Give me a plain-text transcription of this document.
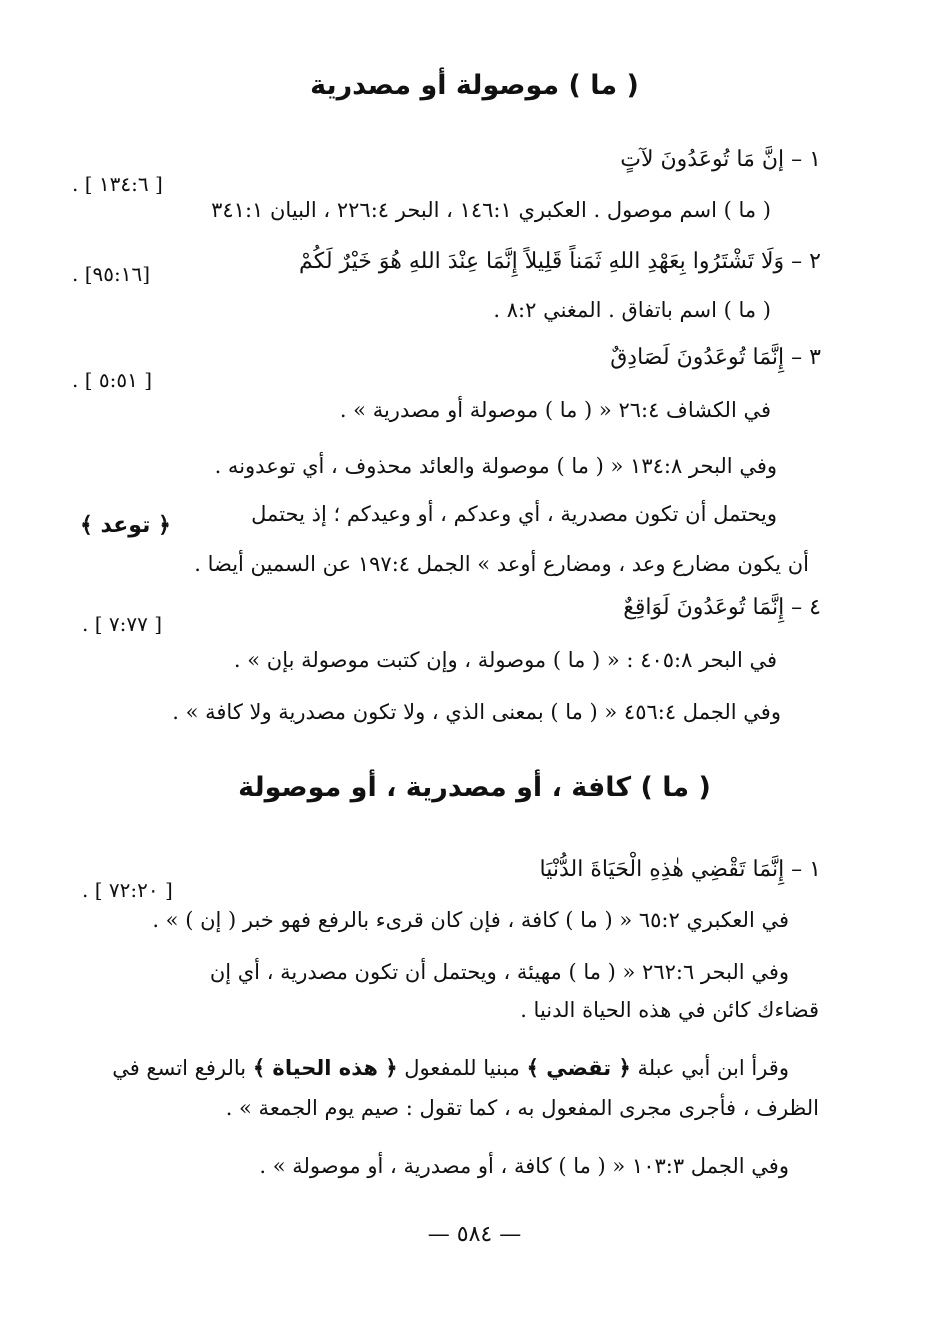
( ما ) موصولة أو مصدرية
١ – إنَّ مَا تُوعَدُونَ لآتٍ
. [ ١٣٤:٦ ]
( ما ) اسم موصول . العكبري ١٤٦:١ ، البحر ٢٢٦:٤ ، البيان ٣٤١:١
٢ – وَلَا تَشْتَرُوا بِعَهْدِ اللهِ ثَمَناً قَلِيلاً إِنَّمَا عِنْدَ اللهِ هُوَ خَيْرٌ لَكُمْ
. [٩٥:١٦]
( ما ) اسم باتفاق . المغني ٨:٢ .
٣ – إِنَّمَا تُوعَدُونَ لَصَادِقٌ
. [ ٥:٥١ ]
في الكشاف ٢٦:٤ « ( ما ) موصولة أو مصدرية » .
وفي البحر ١٣٤:٨ « ( ما ) موصولة والعائد محذوف ، أي توعدونه .
ويحتمل أن تكون مصدرية ، أي وعدكم ، أو وعيدكم ؛ إذ يحتمل
﴿ توعد ﴾
أن يكون مضارع وعد ، ومضارع أوعد » الجمل ١٩٧:٤ عن السمين أيضا .
٤ – إِنَّمَا تُوعَدُونَ لَوَاقِعٌ
. [ ٧:٧٧ ]
في البحر ٤٠٥:٨ : « ( ما ) موصولة ، وإن كتبت موصولة بإن » .
وفي الجمل ٤٥٦:٤ « ( ما ) بمعنى الذي ، ولا تكون مصدرية ولا كافة » .
( ما ) كافة ، أو مصدرية ، أو موصولة
١ – إِنَّمَا تَقْضِي هٰذِهِ الْحَيَاةَ الدُّنْيَا
. [ ٧٢:٢٠ ]
في العكبري ٦٥:٢ « ( ما ) كافة ، فإن كان قرىء بالرفع فهو خبر ( إن ) » .
وفي البحر ٢٦٢:٦ « ( ما ) مهيئة ، ويحتمل أن تكون مصدرية ، أي إن
قضاءك كائن في هذه الحياة الدنيا .
وقرأ ابن أبي عبلة ﴿ تقضي ﴾ مبنيا للمفعول ﴿ هذه الحياة ﴾ بالرفع اتسع في
الظرف ، فأجرى مجرى المفعول به ، كما تقول : صيم يوم الجمعة » .
وفي الجمل ١٠٣:٣ « ( ما ) كافة ، أو مصدرية ، أو موصولة » .
— ٥٨٤ —
